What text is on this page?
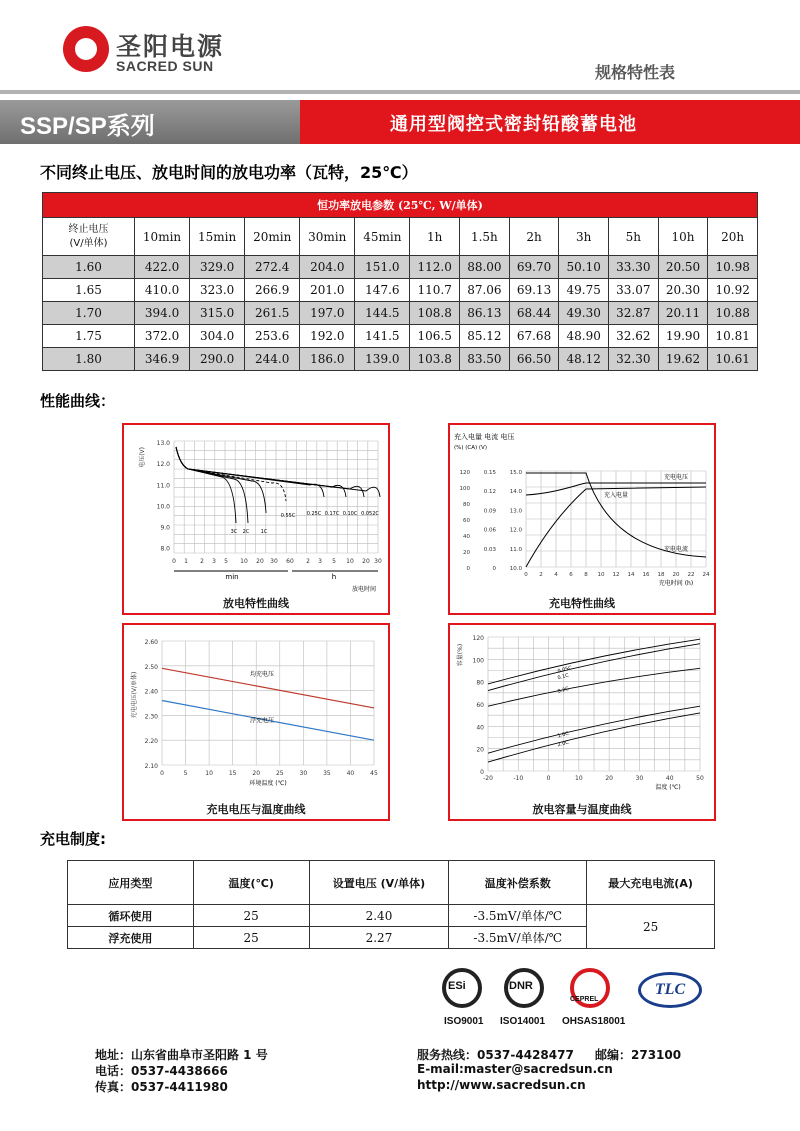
圣阳电源
SACRED SUN	规格特性表
SSP/SP系列	通用型阀控式密封铅酸蓄电池
不同终止电压、放电时间的放电功率（瓦特，25℃）
恒功率放电参数 (25℃, W/单体)												
终止电压
(V/单体)	10min	15min	20min	30min	45min	1h	1.5h	2h	3h	5h	10h	20h
1.60	422.0	329.0	272.4	204.0	151.0	112.0	88.00	69.70	50.10	33.30	20.50	10.98
1.65	410.0	323.0	266.9	201.0	147.6	110.7	87.06	69.13	49.75	33.07	20.30	10.92
1.70	394.0	315.0	261.5	197.0	144.5	108.8	86.13	68.44	49.30	32.87	20.11	10.88
1.75	372.0	304.0	253.6	192.0	141.5	106.5	85.12	67.68	48.90	32.62	19.90	10.81
1.80	346.9	290.0	244.0	186.0	139.0	103.8	83.50	66.50	48.12	32.30	19.62	10.61
性能曲线：
13.0
12.0
11.0
10.0
9.0
8.0
电压(V)
0 1 2 3 5 10 20 30 60 2 3 5 10 20 30
min	h
放电时间
3C 2C 1C
0.55C 0.25C 0.17C 0.10C 0.052C
放电特性曲线
充入电量 电流 电压
(%) (CA) (V)
120
100
80
60
40
20
0
0.15
0.12
0.09
0.06
0.03
0
15.0
14.0
13.0
12.0
11.0
10.0
0 2 4 6 8 10 12 14 16 18 20 22 24
充电时间 (h)
充电电压
充入电量
充电电流
充电特性曲线
2.60
2.50
2.40
2.30
2.20
2.10
充电电压(V/单体)
0	5	10	15	20	25	30	35	40	45
环境温度 (℃)
均充电压
浮充电压
充电电压与温度曲线
120
100
80
60
40
20
0
容量(%)
-20	-10	0	10	20	30	40	50
温度 (℃)
0.05C
0.1C
0.2C
1.0C
2.0C
放电容量与温度曲线
充电制度:
应用类型	温度(℃)	设置电压 (V/单体)	温度补偿系数	最大充电电流(A)
循环使用	25	2.40	-3.5mV/单体/℃	25
浮充使用	25	2.27	-3.5mV/单体/℃	
ESi	DNR
CEPREL
TLC
ISO9001 ISO14001 OHSAS18001
地址：山东省曲阜市圣阳路 1 号
电话：0537-4438666
传真：0537-4411980
服务热线：0537-4428477 邮编：273100
E-mail:master@sacredsun.cn
http://www.sacredsun.cn
